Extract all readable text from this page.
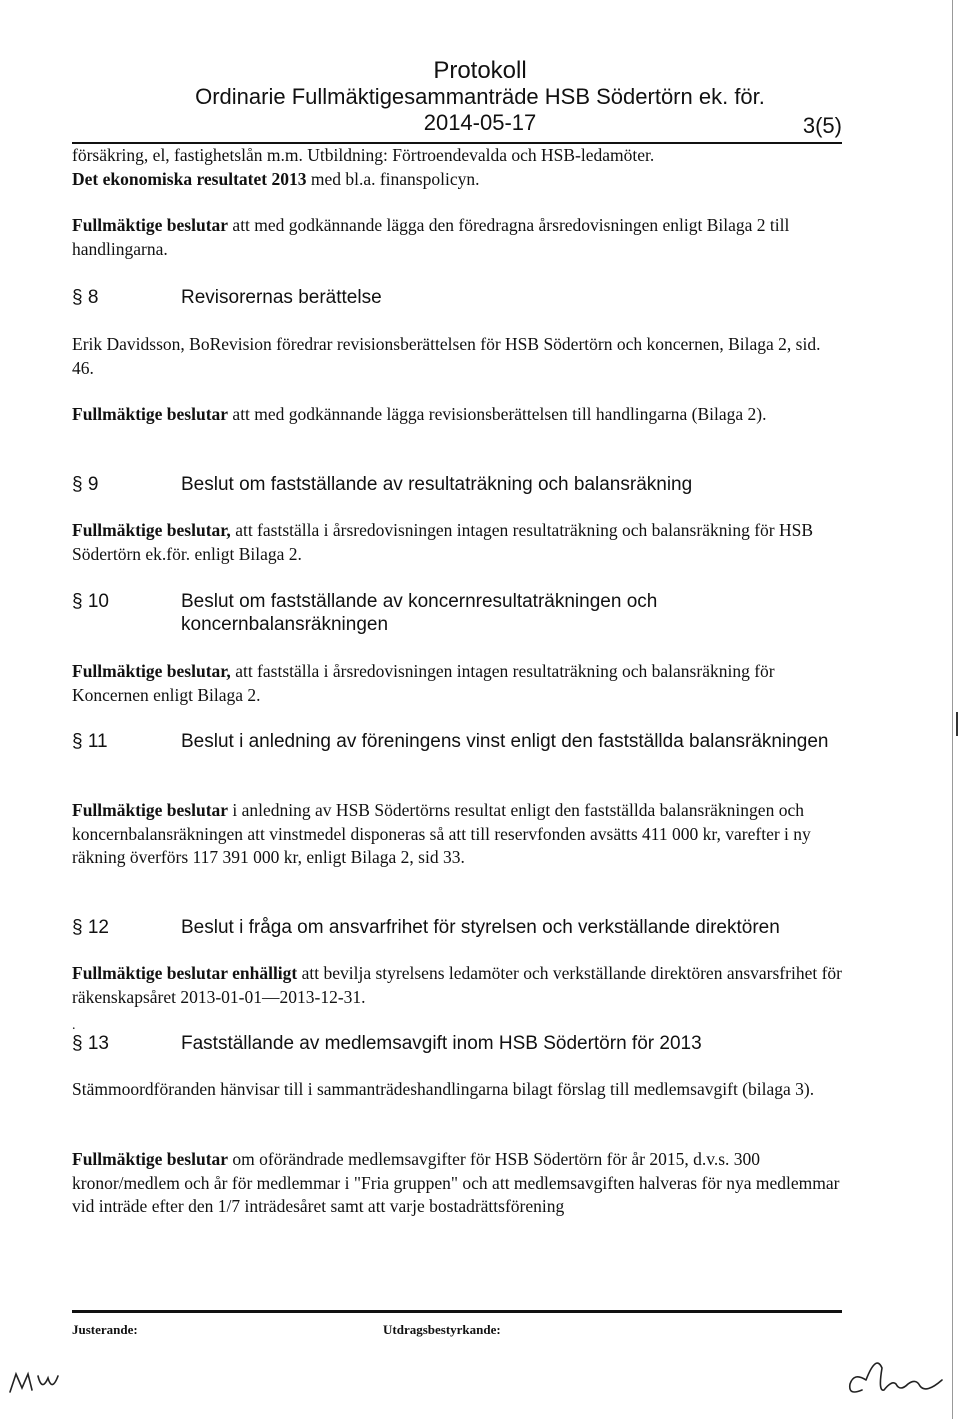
Protokoll
Ordinarie Fullmäktigesammanträde HSB Södertörn ek. för.
2014-05-17	3(5)
försäkring, el, fastighetslån m.m. Utbildning: Förtroendevalda och HSB-ledamöter.
Det ekonomiska resultatet 2013 med bl.a. finanspolicyn.
Fullmäktige beslutar att med godkännande lägga den föredragna årsredovisningen enligt Bilaga 2 till handlingarna.
§ 8	Revisorernas berättelse
Erik Davidsson, BoRevision föredrar revisionsberättelsen för HSB Södertörn och koncernen, Bilaga 2, sid. 46.
Fullmäktige beslutar att med godkännande lägga revisionsberättelsen till handlingarna (Bilaga 2).
§ 9	Beslut om fastställande av resultaträkning och balansräkning
Fullmäktige beslutar, att fastställa i årsredovisningen intagen resultaträkning och balansräkning för HSB Södertörn ek.för. enligt Bilaga 2.
§ 10	Beslut om fastställande av koncernresultaträkningen och koncernbalansräkningen
Fullmäktige beslutar, att fastställa i årsredovisningen intagen resultaträkning och balansräkning för Koncernen enligt Bilaga 2.
§ 11	Beslut i anledning av föreningens vinst enligt den fastställda balansräkningen
Fullmäktige beslutar i anledning av HSB Södertörns resultat enligt den fastställda balansräkningen och koncernbalansräkningen att vinstmedel disponeras så att till reservfonden avsätts 411 000 kr, varefter i ny räkning överförs 117 391 000 kr, enligt Bilaga 2, sid 33.
§ 12	Beslut i fråga om ansvarfrihet för styrelsen och verkställande direktören
Fullmäktige beslutar enhälligt att bevilja styrelsens ledamöter och verkställande direktören ansvarsfrihet för räkenskapsåret 2013-01-01—2013-12-31.
.
§ 13	Fastställande av medlemsavgift inom HSB Södertörn för 2013
Stämmoordföranden hänvisar till i sammanträdeshandlingarna bilagt förslag till medlemsavgift (bilaga 3).
Fullmäktige beslutar om oförändrade medlemsavgifter för HSB Södertörn för år 2015, d.v.s. 300 kronor/medlem och år för medlemmar i "Fria gruppen" och att medlemsavgiften halveras för nya medlemmar vid inträde efter den 1/7 inträdesåret samt att varje bostadrättsförening
Justerande:	Utdragsbestyrkande:
